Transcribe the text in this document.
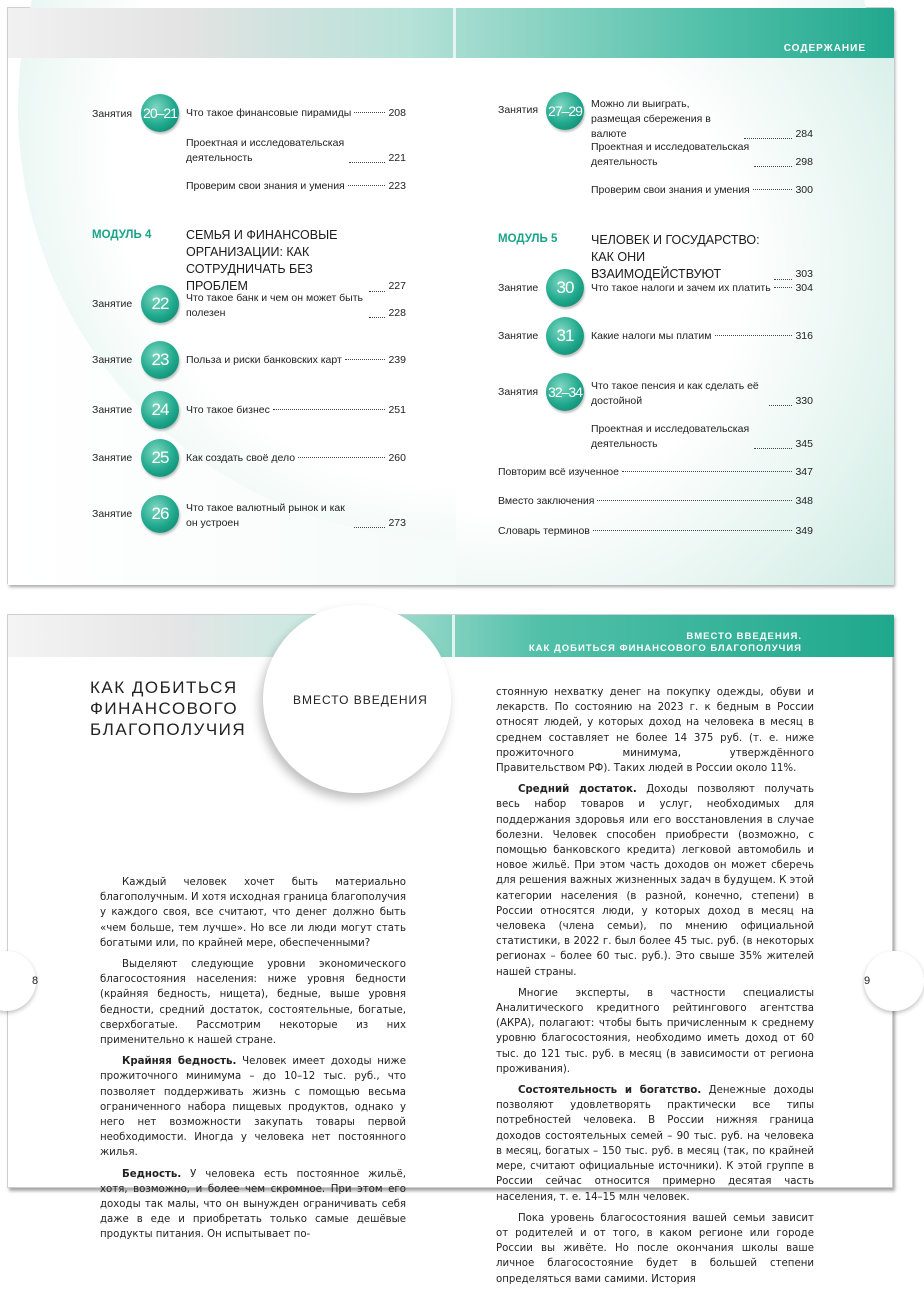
СОДЕРЖАНИЕ
Занятия 20–21 Что такое финансовые пирамиды	208
Проектная и исследовательская деятельность	221
Проверим свои знания и умения	223
МОДУЛЬ 4	СЕМЬЯ И ФИНАНСОВЫЕ ОРГАНИЗАЦИИ: КАК СОТРУДНИЧАТЬ БЕЗ ПРОБЛЕМ	227
Занятие	22	Что такое банк и чем он может быть полезен	228
Занятие	23	Польза и риски банковских карт	239
Занятие	24	Что такое бизнес	251
Занятие	25	Как создать своё дело	260
Занятие	26	Что такое валютный рынок и как он устроен	273
Занятия 27–29 Можно ли выиграть, размещая сбережения в валюте	284
Проектная и исследовательская деятельность	298
Проверим свои знания и умения	300
МОДУЛЬ 5	ЧЕЛОВЕК И ГОСУДАРСТВО: КАК ОНИ ВЗАИМОДЕЙСТВУЮТ	303
Занятие	30	Что такое налоги и зачем их платить 304
Занятие	31	Какие налоги мы платим	316
Занятия 32–34 Что такое пенсия и как сделать её достойной	330
Проектная и исследовательская деятельность	345
Повторим всё изученное	347
Вместо заключения	348
Словарь терминов	349
ВМЕСТО ВВЕДЕНИЯ.
КАК ДОБИТЬСЯ ФИНАНСОВОГО БЛАГОПОЛУЧИЯ
ВМЕСТО ВВЕДЕНИЯ
КАК ДОБИТЬСЯ
ФИНАНСОВОГО
БЛАГОПОЛУЧИЯ
8	9

Каждый человек хочет быть материально благополучным. И хотя исходная граница благополучия у каждого своя, все считают, что денег должно быть «чем больше, тем лучше». Но все ли люди могут стать богатыми или, по крайней мере, обеспеченными?

Выделяют следующие уровни экономического благосостояния населения: ниже уровня бедности (крайняя бедность, нищета), бедные, выше уровня бедности, средний достаток, состоятельные, богатые, сверхбогатые. Рассмотрим некоторые из них применительно к нашей стране.

Крайняя бедность. Человек имеет доходы ниже прожиточного минимума – до 10–12 тыс. руб., что позволяет поддерживать жизнь с помощью весьма ограниченного набора пищевых продуктов, однако у него нет возможности закупать товары первой необходимости. Иногда у человека нет постоянного жилья.

Бедность. У человека есть постоянное жильё, хотя, возможно, и более чем скромное. При этом его доходы так малы, что он вынужден ограничивать себя даже в еде и приобретать только самые дешёвые продукты питания. Он испытывает по-

стоянную нехватку денег на покупку одежды, обуви и лекарств. По состоянию на 2023 г. к бедным в России относят людей, у которых доход на человека в месяц в среднем составляет не более 14 375 руб. (т. е. ниже прожиточного минимума, утверждённого Правительством РФ). Таких людей в России около 11%.

Средний достаток. Доходы позволяют получать весь набор товаров и услуг, необходимых для поддержания здоровья или его восстановления в случае болезни. Человек способен приобрести (возможно, с помощью банковского кредита) легковой автомобиль и новое жильё. При этом часть доходов он может сберечь для решения важных жизненных задач в будущем. К этой категории населения (в разной, конечно, степени) в России относятся люди, у которых доход в месяц на человека (члена семьи), по мнению официальной статистики, в 2022 г. был более 45 тыс. руб. (в некоторых регионах – более 60 тыс. руб.). Это свыше 35% жителей нашей страны.

Многие эксперты, в частности специалисты Аналитического кредитного рейтингового агентства (АКРА), полагают: чтобы быть причисленным к среднему уровню благосостояния, необходимо иметь доход от 60 тыс. до 121 тыс. руб. в месяц (в зависимости от региона проживания).

Состоятельность и богатство. Денежные доходы позволяют удовлетворять практически все типы потребностей человека. В России нижняя граница доходов состоятельных семей – 90 тыс. руб. на человека в месяц, богатых – 150 тыс. руб. в месяц (так, по крайней мере, считают официальные источники). К этой группе в России сейчас относится примерно десятая часть населения, т. е. 14–15 млн человек.

Пока уровень благосостояния вашей семьи зависит от родителей и от того, в каком регионе или городе России вы живёте. Но после окончания школы ваше личное благосостояние будет в большей степени определяться вами самими. История
